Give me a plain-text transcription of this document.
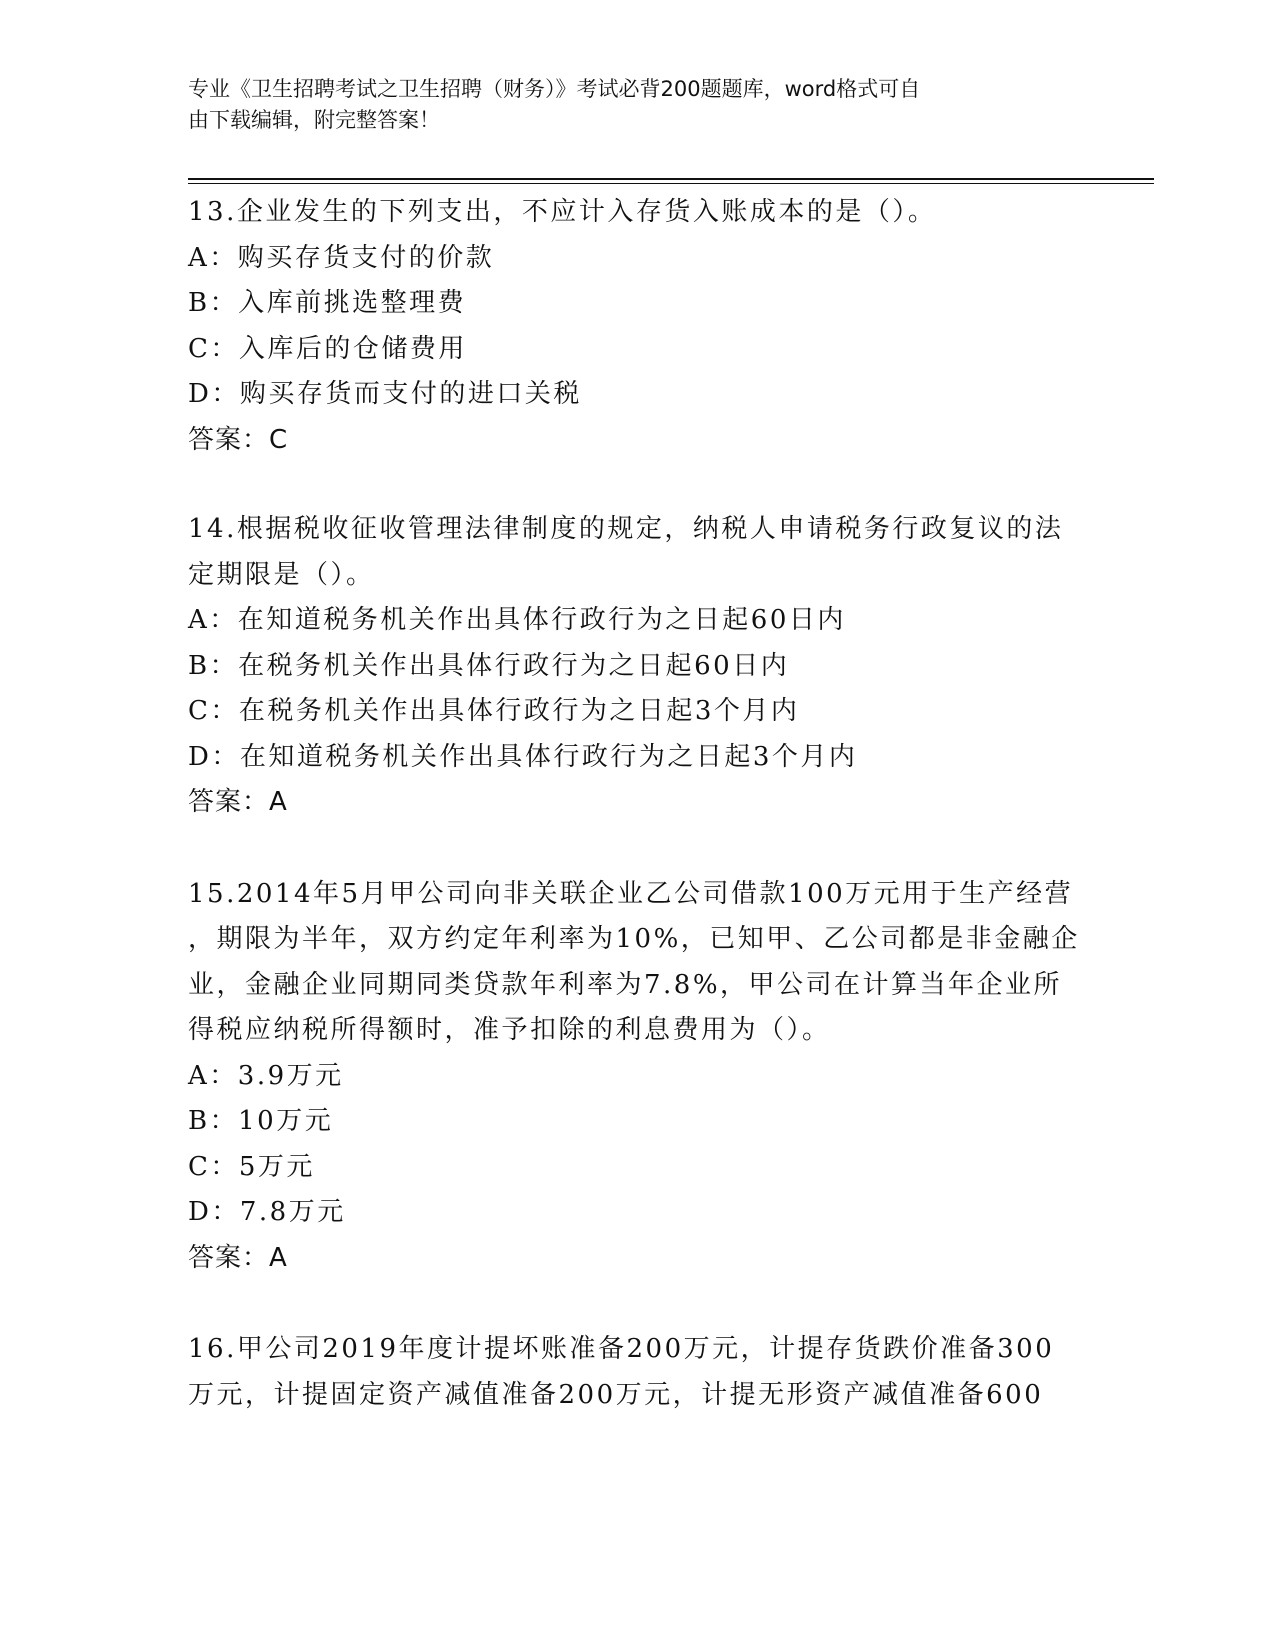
专业《卫生招聘考试之卫生招聘（财务）》考试必背200题题库，word格式可自
由下载编辑，附完整答案！
13.企业发生的下列支出，不应计入存货入账成本的是（）。
A：购买存货支付的价款
B：入库前挑选整理费
C：入库后的仓储费用
D：购买存货而支付的进口关税
答案：C
14.根据税收征收管理法律制度的规定，纳税人申请税务行政复议的法
定期限是（）。
A：在知道税务机关作出具体行政行为之日起60日内
B：在税务机关作出具体行政行为之日起60日内
C：在税务机关作出具体行政行为之日起3个月内
D：在知道税务机关作出具体行政行为之日起3个月内
答案：A
15.2014年5月甲公司向非关联企业乙公司借款100万元用于生产经营
，期限为半年，双方约定年利率为10%，已知甲、乙公司都是非金融企
业，金融企业同期同类贷款年利率为7.8%，甲公司在计算当年企业所
得税应纳税所得额时，准予扣除的利息费用为（）。
A：3.9万元
B：10万元
C：5万元
D：7.8万元
答案：A
16.甲公司2019年度计提坏账准备200万元，计提存货跌价准备300
万元，计提固定资产减值准备200万元，计提无形资产减值准备600
